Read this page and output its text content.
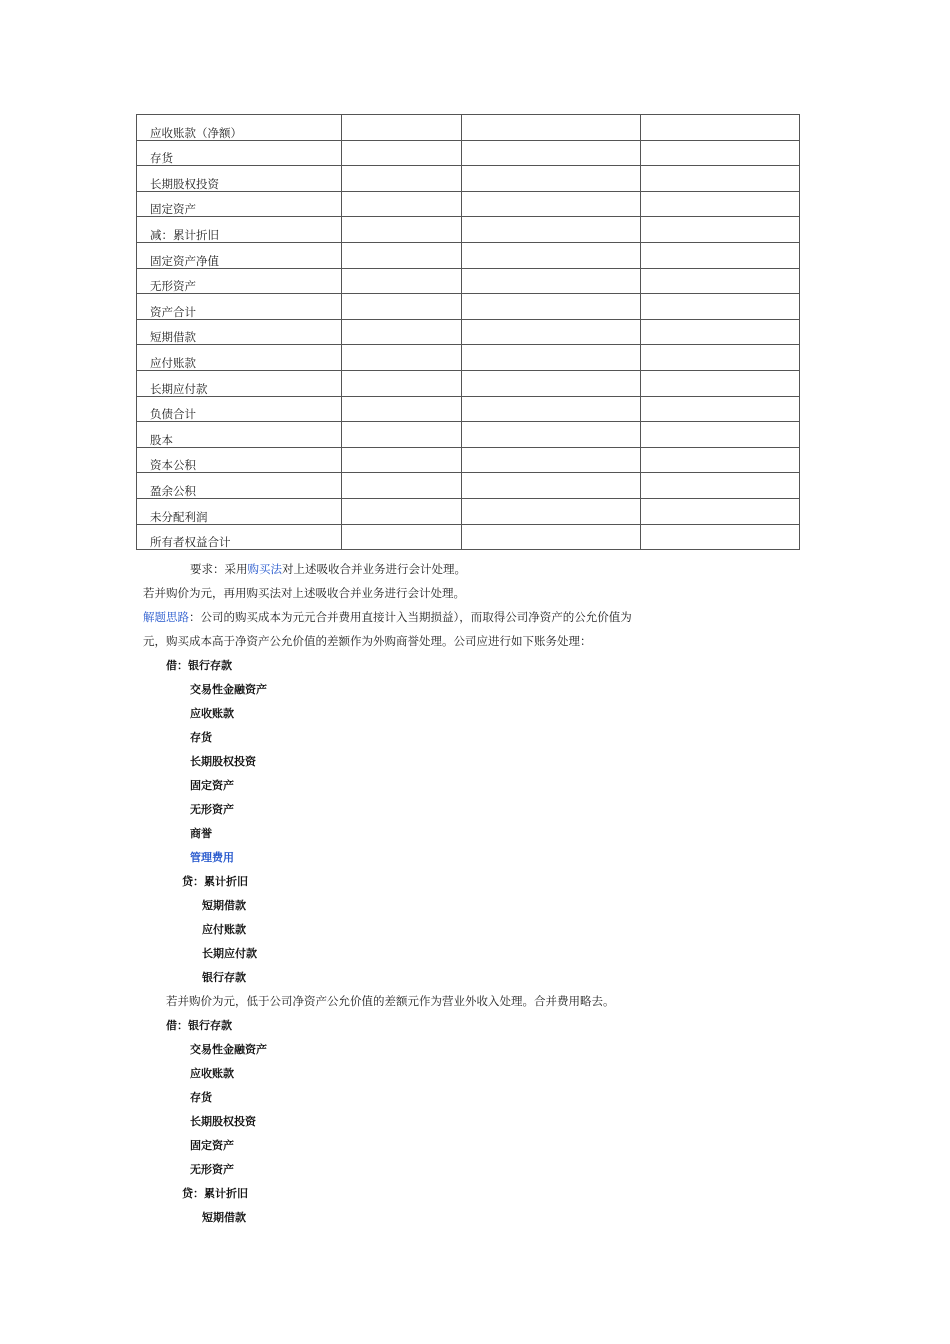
应收账款（净额）			
存货			
长期股权投资			
固定资产			
减：累计折旧			
固定资产净值			
无形资产			
资产合计			
短期借款			
应付账款			
长期应付款			
负债合计			
股本			
资本公积			
盈余公积			
未分配利润			
所有者权益合计			
要求：采用购买法对上述吸收合并业务进行会计处理。
若并购价为元，再用购买法对上述吸收合并业务进行会计处理。
解题思路：公司的购买成本为元元合并费用直接计入当期损益），而取得公司净资产的公允价值为
元，购买成本高于净资产公允价值的差额作为外购商誉处理。公司应进行如下账务处理：
借：银行存款
交易性金融资产
应收账款
存货
长期股权投资
固定资产
无形资产
商誉
管理费用
贷：累计折旧
短期借款
应付账款
长期应付款
银行存款
借：银行存款
交易性金融资产
应收账款
存货
长期股权投资
固定资产
无形资产
贷：累计折旧
短期借款
若并购价为元，低于公司净资产公允价值的差额元作为营业外收入处理。合并费用略去。
